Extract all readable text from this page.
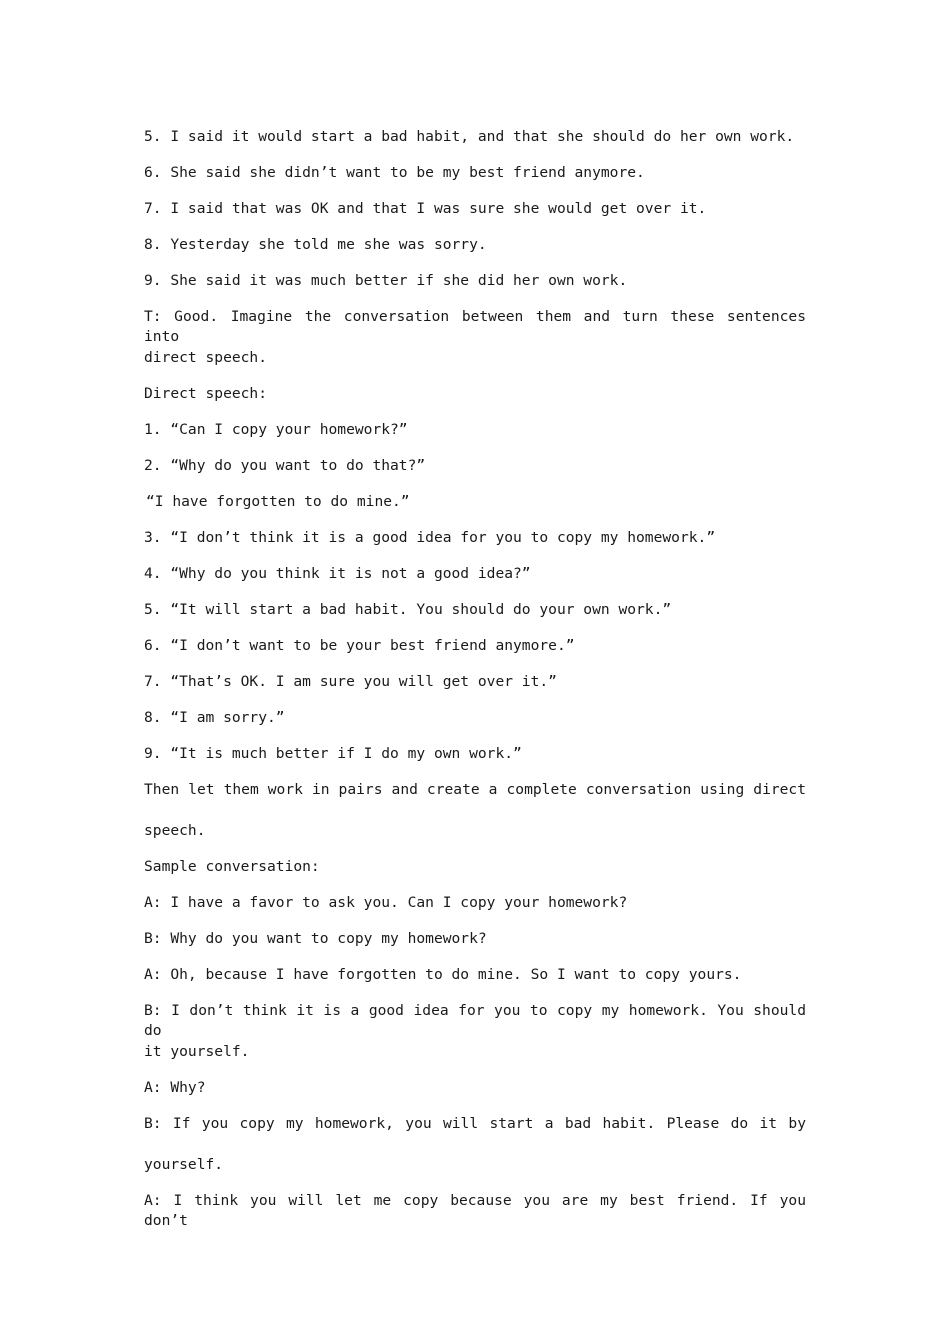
5. I said it would start a bad habit, and that she should do her own work.
6. She said she didn’t want to be my best friend anymore.
7. I said that was OK and that I was sure she would get over it.
8. Yesterday she told me she was sorry.
9. She said it was much better if she did her own work.
T: Good. Imagine the conversation between them and turn these sentences into
direct speech.
Direct speech:
1. “Can I copy your homework?”
2. “Why do you want to do that?”
“I have forgotten to do mine.”
3. “I don’t think it is a good idea for you to copy my homework.”
4. “Why do you think it is not a good idea?”
5. “It will start a bad habit. You should do your own work.”
6. “I don’t want to be your best friend anymore.”
7. “That’s OK. I am sure you will get over it.”
8. “I am sorry.”
9. “It is much better if I do my own work.”
Then let them work in pairs and create a complete conversation using direct
speech.
Sample conversation:
A: I have a favor to ask you. Can I copy your homework?
B: Why do you want to copy my homework?
A: Oh, because I have forgotten to do mine. So I want to copy yours.
B: I don’t think it is a good idea for you to copy my homework. You should do
it yourself.
A: Why?
B: If you copy my homework, you will start a bad habit. Please do it by
yourself.
A: I think you will let me copy because you are my best friend. If you don’t
